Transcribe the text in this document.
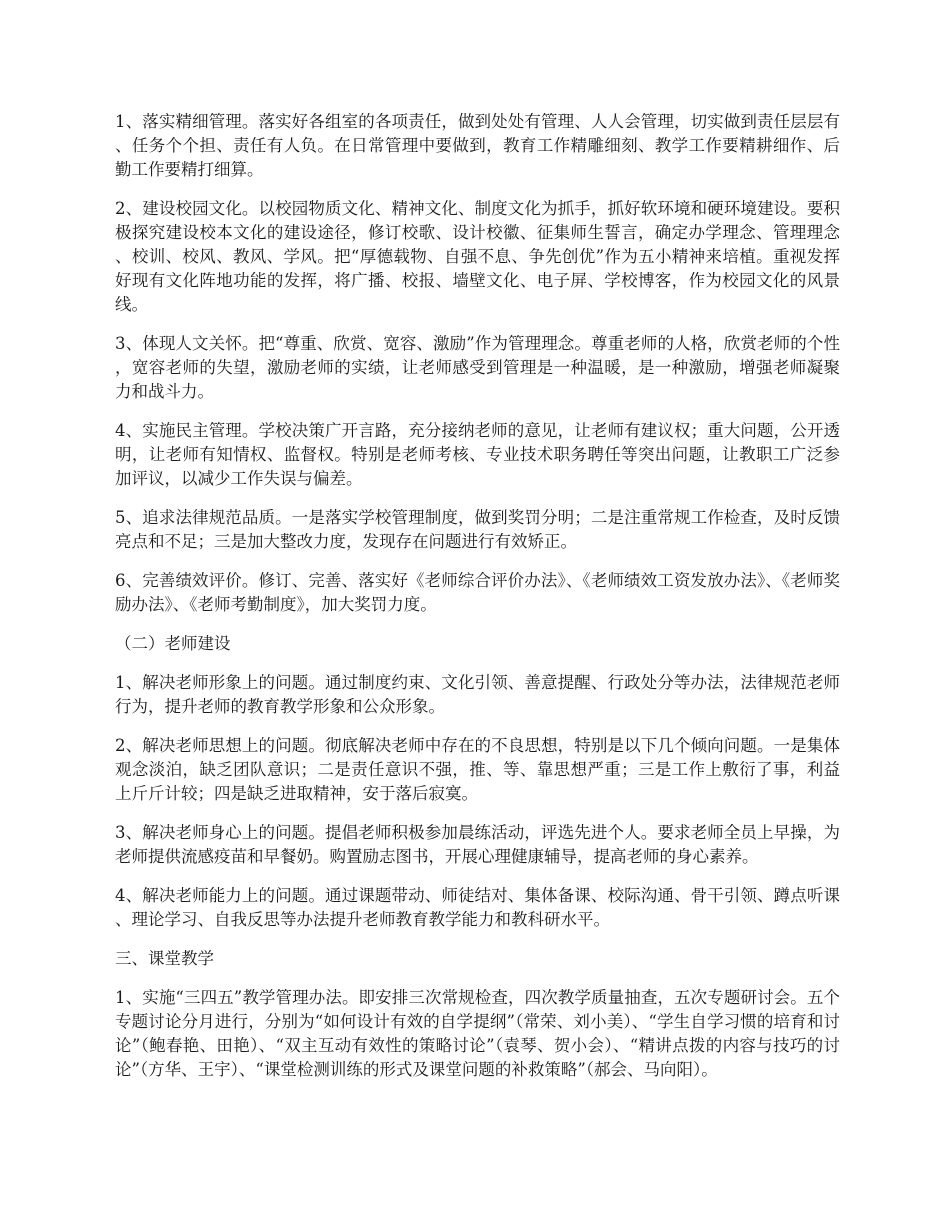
1、落实精细管理。落实好各组室的各项责任，做到处处有管理、人人会管理，切实做到责任层层有、任务个个担、责任有人负。在日常管理中要做到，教育工作精雕细刻、教学工作要精耕细作、后勤工作要精打细算。

2、建设校园文化。以校园物质文化、精神文化、制度文化为抓手，抓好软环境和硬环境建设。要积极探究建设校本文化的建设途径，修订校歌、设计校徽、征集师生誓言，确定办学理念、管理理念、校训、校风、教风、学风。把“厚德载物、自强不息、争先创优”作为五小精神来培植。重视发挥好现有文化阵地功能的发挥，将广播、校报、墙壁文化、电子屏、学校博客，作为校园文化的风景线。

3、体现人文关怀。把“尊重、欣赏、宽容、激励”作为管理理念。尊重老师的人格，欣赏老师的个性，宽容老师的失望，激励老师的实绩，让老师感受到管理是一种温暖，是一种激励，增强老师凝聚力和战斗力。

4、实施民主管理。学校决策广开言路，充分接纳老师的意见，让老师有建议权；重大问题，公开透明，让老师有知情权、监督权。特别是老师考核、专业技术职务聘任等突出问题，让教职工广泛参加评议，以减少工作失误与偏差。

5、追求法律规范品质。一是落实学校管理制度，做到奖罚分明；二是注重常规工作检查，及时反馈亮点和不足；三是加大整改力度，发现存在问题进行有效矫正。

6、完善绩效评价。修订、完善、落实好《老师综合评价办法》、《老师绩效工资发放办法》、《老师奖励办法》、《老师考勤制度》，加大奖罚力度。

（二）老师建设

1、解决老师形象上的问题。通过制度约束、文化引领、善意提醒、行政处分等办法，法律规范老师行为，提升老师的教育教学形象和公众形象。

2、解决老师思想上的问题。彻底解决老师中存在的不良思想，特别是以下几个倾向问题。一是集体观念淡泊，缺乏团队意识；二是责任意识不强，推、等、靠思想严重；三是工作上敷衍了事，利益上斤斤计较；四是缺乏进取精神，安于落后寂寞。

3、解决老师身心上的问题。提倡老师积极参加晨练活动，评选先进个人。要求老师全员上早操，为老师提供流感疫苗和早餐奶。购置励志图书，开展心理健康辅导，提高老师的身心素养。

4、解决老师能力上的问题。通过课题带动、师徒结对、集体备课、校际沟通、骨干引领、蹲点听课、理论学习、自我反思等办法提升老师教育教学能力和教科研水平。

三、课堂教学

1、实施“三四五”教学管理办法。即安排三次常规检查，四次教学质量抽查，五次专题研讨会。五个专题讨论分月进行，分别为“如何设计有效的自学提纲”（常荣、刘小美）、“学生自学习惯的培育和讨论”（鲍春艳、田艳）、“双主互动有效性的策略讨论”（袁琴、贺小会）、“精讲点拨的内容与技巧的讨论”（方华、王宇）、“课堂检测训练的形式及课堂问题的补救策略”（郝会、马向阳）。
